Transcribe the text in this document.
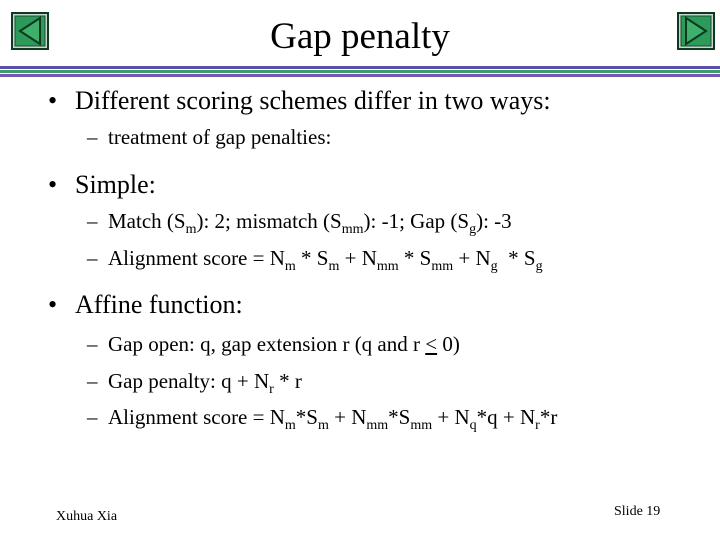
Gap penalty
• Different scoring schemes differ in two ways:
– treatment of gap penalties:
• Simple:
– Match $(S_m)$: 2; mismatch $(S_{mm})$: -1; Gap $(S_g)$: -3
– Alignment score = $N_m * S_m + N_{mm} * S_{mm} + N_g * S_g$
• Affine function:
– Gap open: q, gap extension r (q and r < 0)
– Gap penalty: $q + N_r * r$
– Alignment score = $N_m*S_m + N_{mm}*S_{mm} + N_q*q + N_r*r$
Xuhua Xia	Slide 19
